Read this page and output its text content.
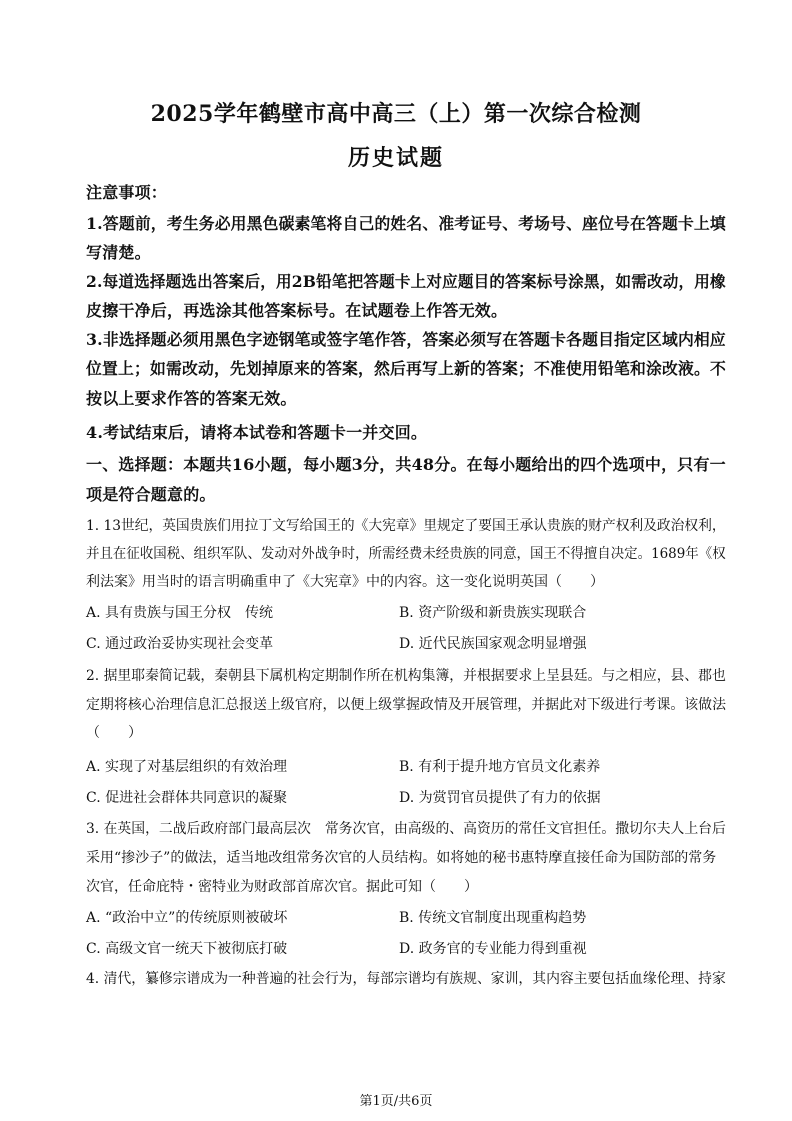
2025学年鹤壁市高中高三（上）第一次综合检测
历史试题
注意事项：
1.答题前，考生务必用黑色碳素笔将自己的姓名、准考证号、考场号、座位号在答题卡上填
写清楚。
2.每道选择题选出答案后，用2B铅笔把答题卡上对应题目的答案标号涂黑，如需改动，用橡
皮擦干净后，再选涂其他答案标号。在试题卷上作答无效。
3.非选择题必须用黑色字迹钢笔或签字笔作答，答案必须写在答题卡各题目指定区域内相应
位置上；如需改动，先划掉原来的答案，然后再写上新的答案；不准使用铅笔和涂改液。不
按以上要求作答的答案无效。
4.考试结束后，请将本试卷和答题卡一并交回。
一、选择题：本题共16小题，每小题3分，共48分。在每小题给出的四个选项中，只有一
项是符合题意的。
1. 13世纪，英国贵族们用拉丁文写给国王的《大宪章》里规定了要国王承认贵族的财产权利及政治权利，
并且在征收国税、组织军队、发动对外战争时，所需经费未经贵族的同意，国王不得擅自决定。1689年《权
利法案》用当时的语言明确重申了《大宪章》中的内容。这一变化说明英国（　　）
A. 具有贵族与国王分权　传统	B. 资产阶级和新贵族实现联合
C. 通过政治妥协实现社会变革	D. 近代民族国家观念明显增强
2. 据里耶秦简记载，秦朝县下属机构定期制作所在机构集簿，并根据要求上呈县廷。与之相应，县、郡也
定期将核心治理信息汇总报送上级官府，以便上级掌握政情及开展管理，并据此对下级进行考课。该做法
（　　）
A. 实现了对基层组织的有效治理	B. 有利于提升地方官员文化素养
C. 促进社会群体共同意识的凝聚	D. 为赏罚官员提供了有力的依据
3. 在英国，二战后政府部门最高层次　常务次官，由高级的、高资历的常任文官担任。撒切尔夫人上台后
采用“掺沙子”的做法，适当地改组常务次官的人员结构。如将她的秘书惠特摩直接任命为国防部的常务
次官，任命庇特・密特业为财政部首席次官。据此可知（　　）
A. “政治中立”的传统原则被破坏	B. 传统文官制度出现重构趋势
C. 高级文官一统天下被彻底打破	D. 政务官的专业能力得到重视
4. 清代，纂修宗谱成为一种普遍的社会行为，每部宗谱均有族规、家训，其内容主要包括血缘伦理、持家
第1页/共6页
